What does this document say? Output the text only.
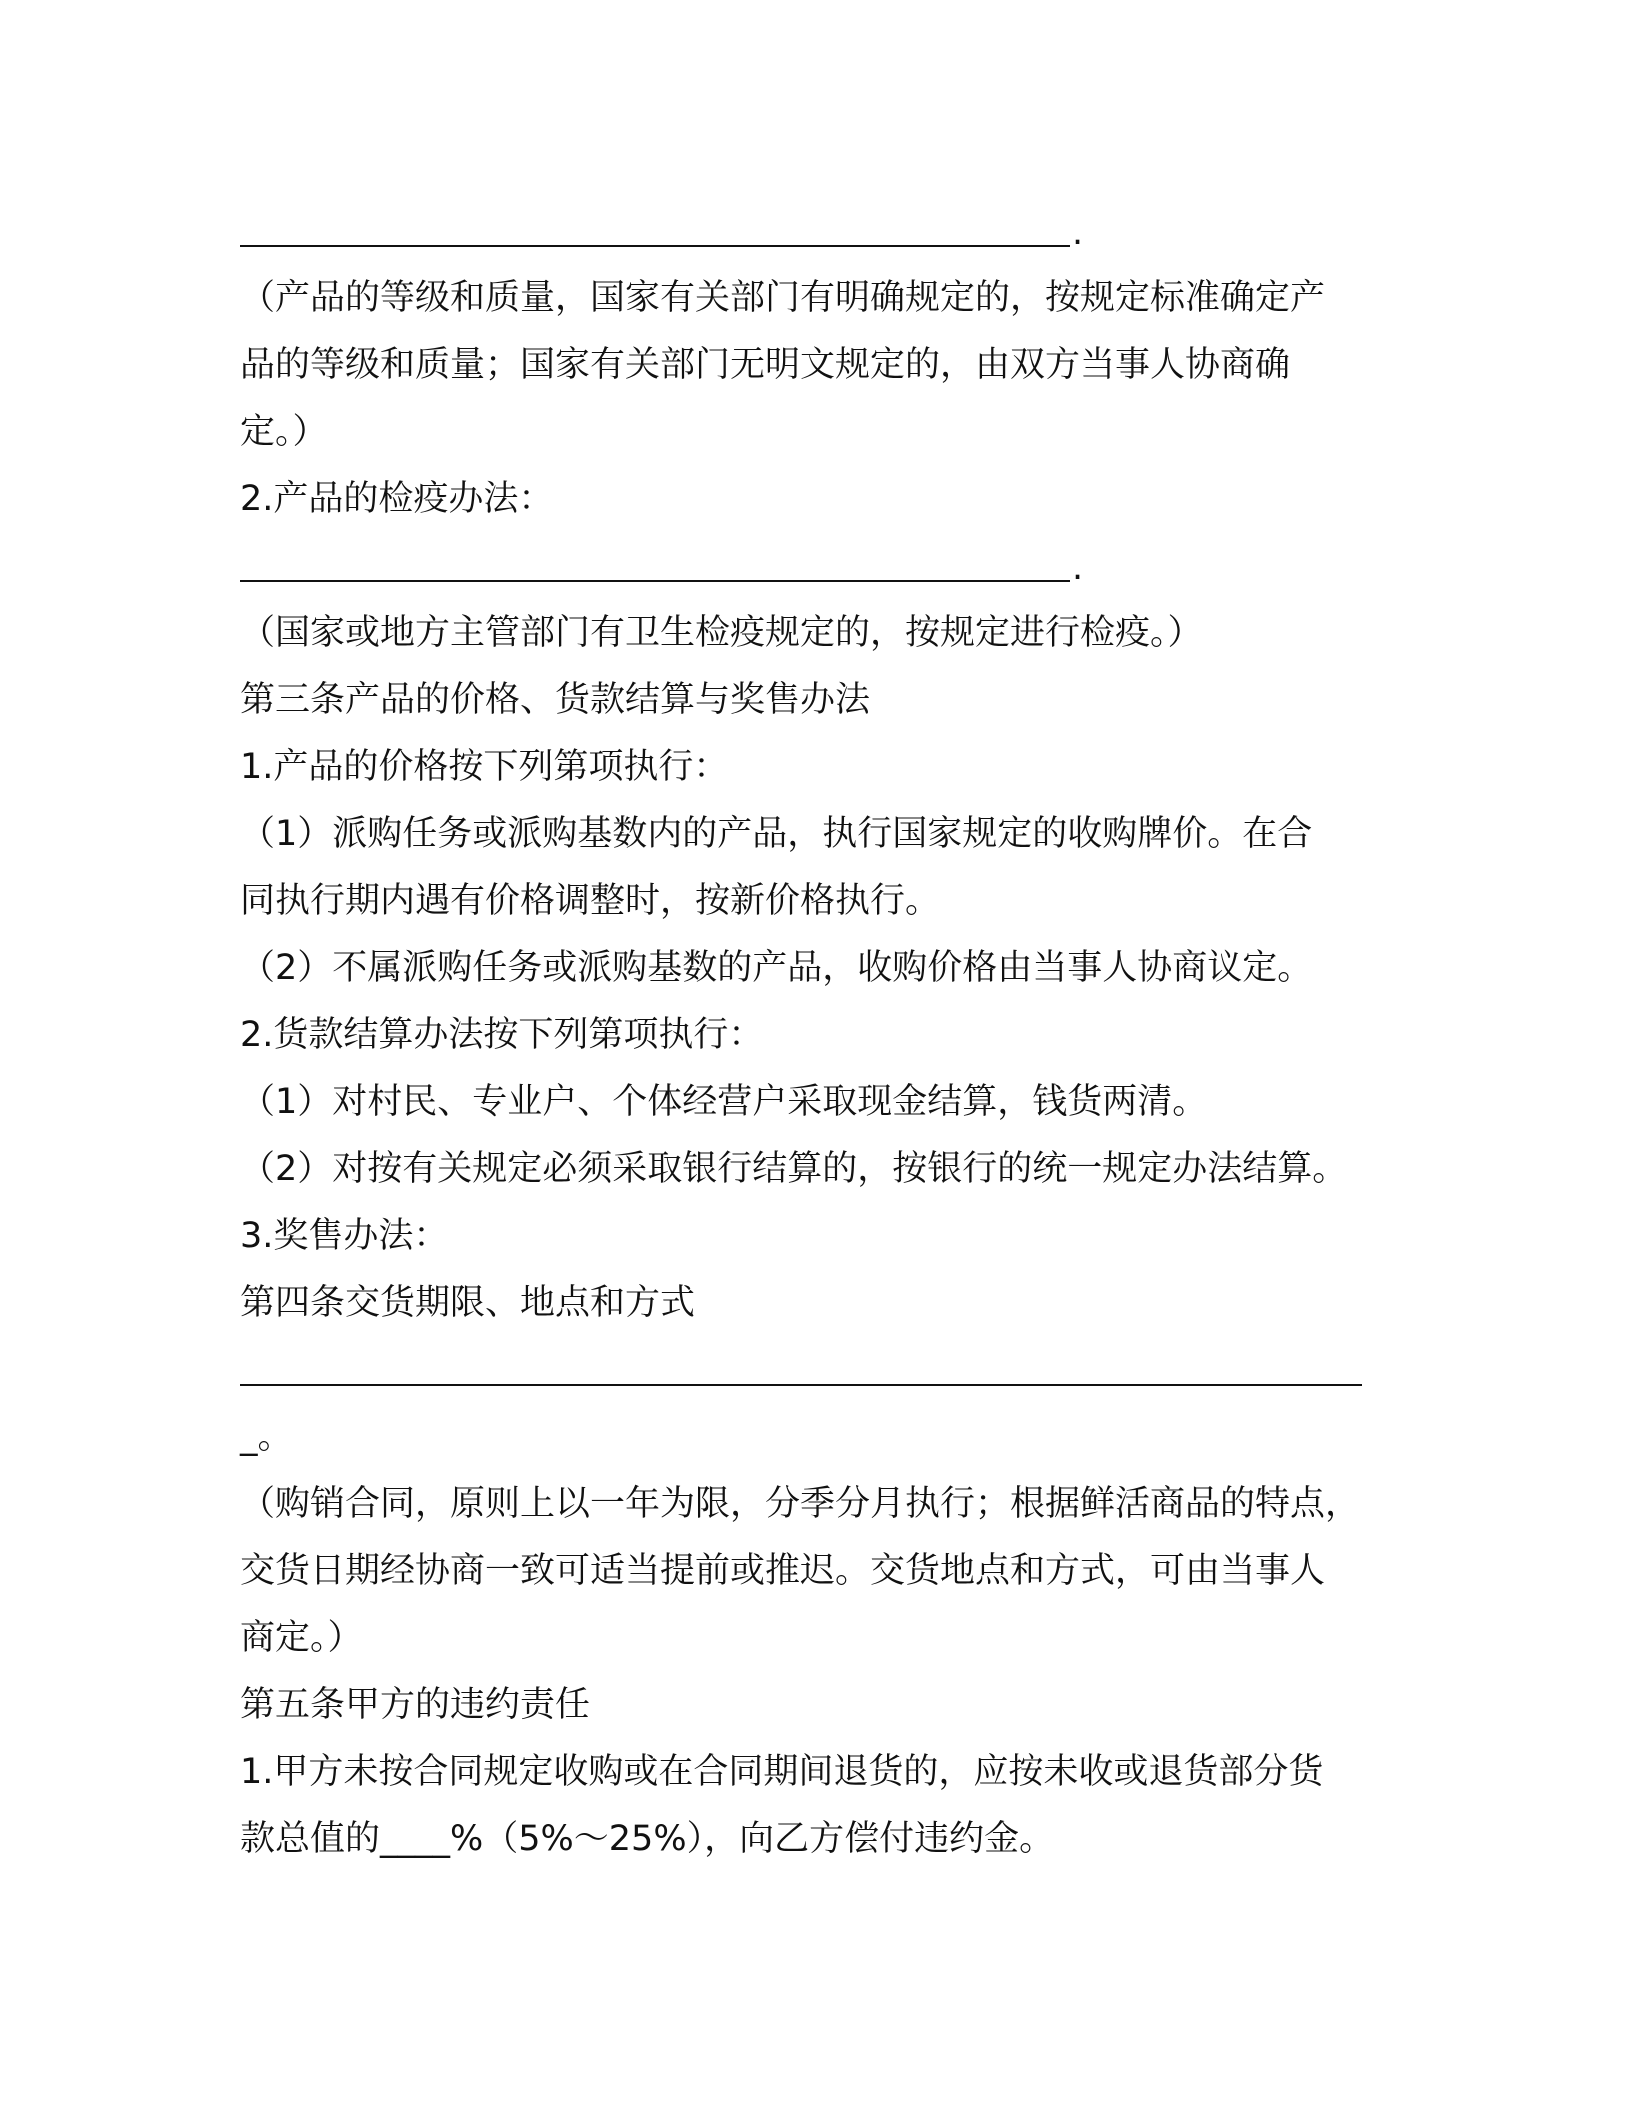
.
（产品的等级和质量，国家有关部门有明确规定的，按规定标准确定产
品的等级和质量；国家有关部门无明文规定的，由双方当事人协商确
定。）
2.产品的检疫办法：
.
（国家或地方主管部门有卫生检疫规定的，按规定进行检疫。）
第三条产品的价格、货款结算与奖售办法
1.产品的价格按下列第项执行：
（1）派购任务或派购基数内的产品，执行国家规定的收购牌价。在合
同执行期内遇有价格调整时，按新价格执行。
（2）不属派购任务或派购基数的产品，收购价格由当事人协商议定。
2.货款结算办法按下列第项执行：
（1）对村民、专业户、个体经营户采取现金结算，钱货两清。
（2）对按有关规定必须采取银行结算的，按银行的统一规定办法结算。
3.奖售办法：
第四条交货期限、地点和方式
_。
（购销合同，原则上以一年为限，分季分月执行；根据鲜活商品的特点，
交货日期经协商一致可适当提前或推迟。交货地点和方式，可由当事人
商定。）
第五条甲方的违约责任
1.甲方未按合同规定收购或在合同期间退货的，应按未收或退货部分货
款总值的____%（5%～25%），向乙方偿付违约金。
